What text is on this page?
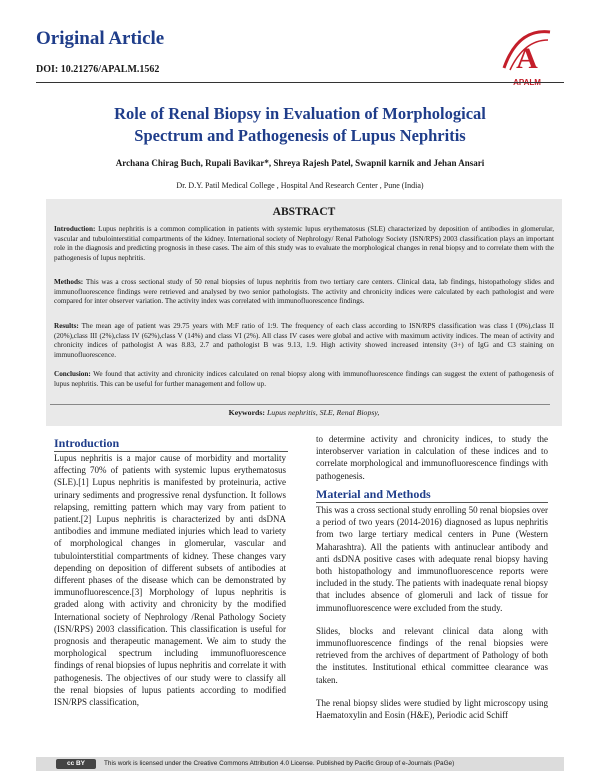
Original Article
DOI: 10.21276/APALM.1562	A
APALM
Role of Renal Biopsy in Evaluation of Morphological
Spectrum and Pathogenesis of Lupus Nephritis
Archana Chirag Buch, Rupali Bavikar*, Shreya Rajesh Patel, Swapnil karnik and Jehan Ansari
Dr. D.Y. Patil Medical College , Hospital And Research Center , Pune (India)
ABSTRACT
Introduction: Lupus nephritis is a common complication in patients with systemic lupus erythematosus (SLE) characterized by deposition of antibodies in glomerular, vascular and tubulointerstitial compartments of the kidney. International society of Nephrology/ Renal Pathology Society (ISN/RPS) 2003 classification plays an important role in the diagnosis and predicting prognosis in these cases. The aim of this study was to evaluate the morphological changes in renal biopsy and to correlate them with the pathogenesis of lupus nephritis.
Methods: This was a cross sectional study of 50 renal biopsies of lupus nephritis from two tertiary care centers. Clinical data, lab findings, histopathology slides and immunofluorescence findings were retrieved and analysed by two senior pathologists. The activity and chronicity indices were calculated by each pathologist and were compared for inter observer variation. The activity index was correlated with immunofluorescence findings.
Results: The mean age of patient was 29.75 years with M:F ratio of 1:9. The frequency of each class according to ISN/RPS classification was class I (0%),class II (20%),class III (2%),class IV (62%),class V (14%) and class VI (2%). All class IV cases were global and active with maximum activity indices. The mean of activity and chronicity indices of pathologist A was 8.83, 2.7 and pathologist B was 9.13, 1.9. High activity showed increased intensity (3+) of IgG and C3 staining on immunofluorescence.
Conclusion: We found that activity and chronicity indices calculated on renal biopsy along with immunofluorescence findings can suggest the extent of pathogenesis of lupus nephritis. This can be useful for further management and follow up.
Keywords: Lupus nephritis, SLE, Renal Biopsy,
Introduction

Lupus nephritis is a major cause of morbidity and mortality affecting 70% of patients with systemic lupus erythematosus (SLE).[1] Lupus nephritis is manifested by proteinuria, active urinary sediments and progressive renal dysfunction. It follows relapsing, remitting pattern which may vary from patient to patient.[2] Lupus nephritis is characterized by anti dsDNA antibodies and immune mediated injuries which lead to variety of morphological changes in glomerular, vascular and tubulointerstitial compartments of kidney. These changes vary depending on deposition of different subsets of antibodies at different phases of the disease which can be demonstrated by immunofluorescence.[3] Morphology of lupus nephritis is graded along with activity and chronicity by the modified International society of Nephrology /Renal Pathology Society (ISN/RPS) 2003 classification. This classification is useful for prognosis and therapeutic management. We aim to study the morphological spectrum including immunofluorescence findings of renal biopsies of lupus nephritis and correlate it with pathogenesis. The objectives of our study were to classify all the renal biopsies of lupus patients according to modified ISN/RPS classification,

to determine activity and chronicity indices, to study the interobserver variation in calculation of these indices and to correlate morphological and immunofluorescence findings with pathogenesis.

Material and Methods

This was a cross sectional study enrolling 50 renal biopsies over a period of two years (2014-2016) diagnosed as lupus nephritis from two large tertiary medical centers in Pune (Western Maharashtra). All the patients with antinuclear antibody and anti dsDNA positive cases with adequate renal biopsy having both histopathology and immunofluorescence reports were included in the study. The patients with inadequate renal biopsy that includes absence of glomeruli and lack of tissue for immunofluorescence were excluded from the study.

Slides, blocks and relevant clinical data along with immunofluorescence findings of the renal biopsies were retrieved from the archives of department of Pathology of both the institutes. Institutional ethical committee clearance was taken.

The renal biopsy slides were studied by light microscopy using Haematoxylin and Eosin (H&E), Periodic acid Schiff

cc BY	This work is licensed under the Creative Commons Attribution 4.0 License. Published by Pacific Group of e-Journals (PaGe)
